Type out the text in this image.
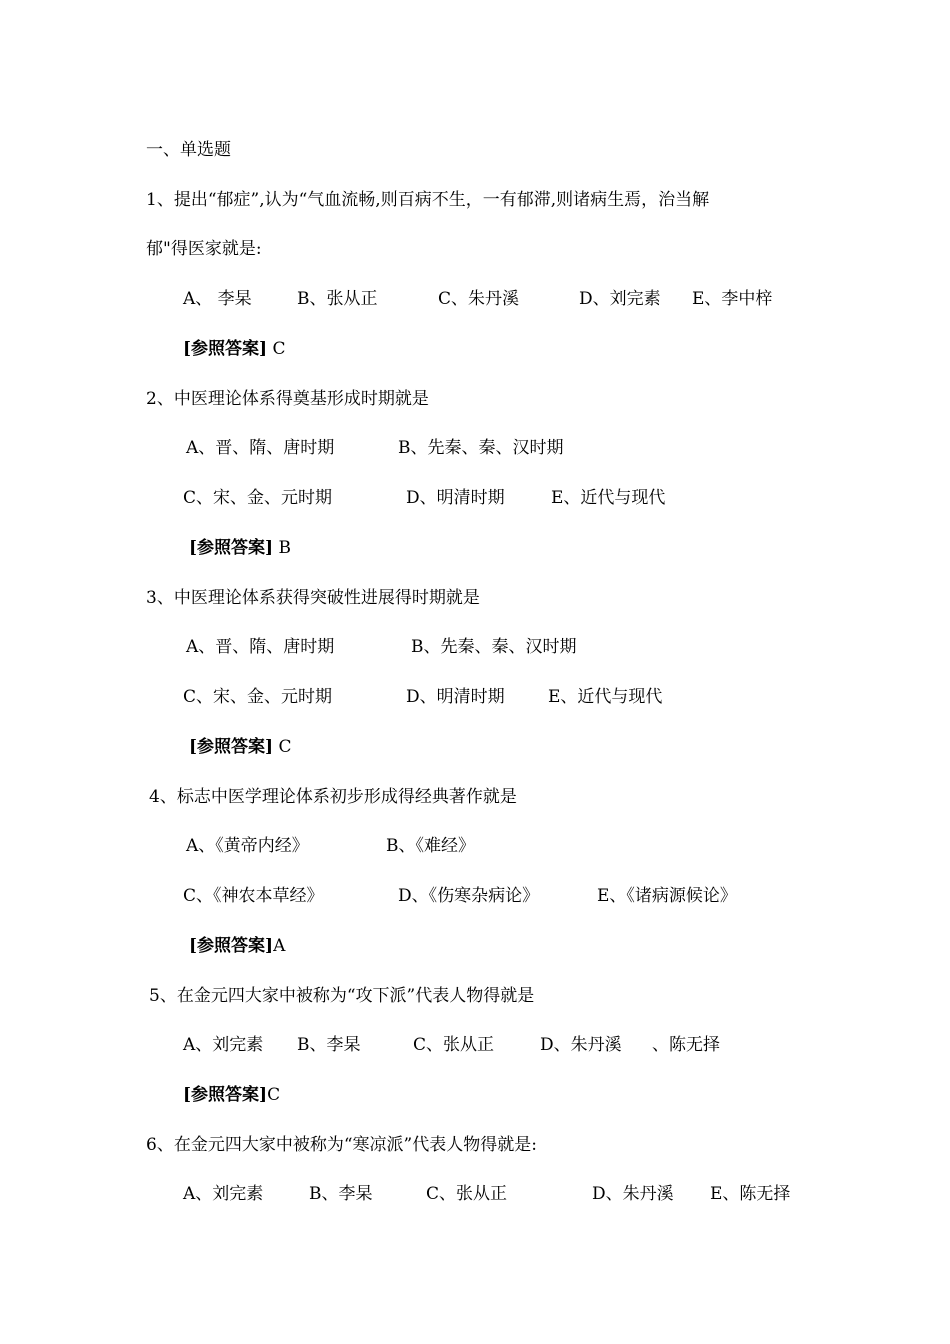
一、单选题
1、提出“郁症”,认为“气血流畅,则百病不生，一有郁滞,则诸病生焉，治当解
郁"得医家就是:
A、 李杲	B、张从正	C、朱丹溪	D、刘完素 E、李中梓
[参照答案] C
2、中医理论体系得奠基形成时期就是
A、晋、隋、唐时期	B、先秦、秦、汉时期
C、宋、金、元时期	D、明清时期	E、近代与现代
[参照答案] B
3、中医理论体系获得突破性进展得时期就是
A、晋、隋、唐时期	B、先秦、秦、汉时期
C、宋、金、元时期	D、明清时期	E、近代与现代
[参照答案] C
4、标志中医学理论体系初步形成得经典著作就是
A、《黄帝内经》	B、《难经》
C、《神农本草经》	D、《伤寒杂病论》	E、《诸病源候论》
[参照答案]A
5、在金元四大家中被称为“攻下派”代表人物得就是
A、刘完素 B、李杲	C、张从正	D、朱丹溪 、陈无择
[参照答案]C
6、在金元四大家中被称为“寒凉派”代表人物得就是:
A、刘完素	B、李杲	C、张从正	D、朱丹溪 E、陈无择
